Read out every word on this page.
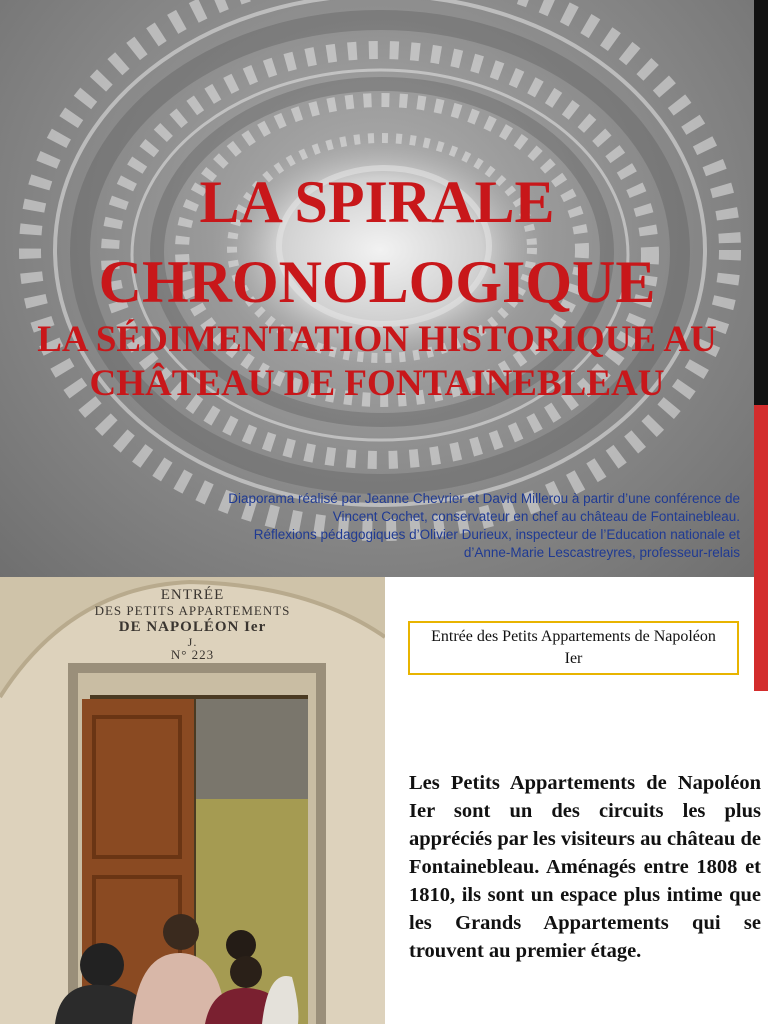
LA SPIRALE
CHRONOLOGIQUE
LA SÉDIMENTATION HISTORIQUE AU
CHÂTEAU DE FONTAINEBLEAU
Diaporama réalisé par Jeanne Chevrier et David Millerou à partir d’une conférence de
Vincent Cochet, conservateur en chef au château de Fontainebleau.
Réflexions pédagogiques d’Olivier Durieux, inspecteur de l’Education nationale et
d’Anne-Marie Lescastreyres, professeur-relais
ENTRÉE
DES PETITS APPARTEMENTS
DE NAPOLÉON Ier
J.
N° 223
Entrée des Petits Appartements de Napoléon Ier

Les Petits Appartements de Napoléon Ier sont un des circuits les plus appréciés par les visiteurs au château de Fontainebleau. Aménagés entre 1808 et 1810, ils sont un espace plus intime que les Grands Appartements qui se trouvent au premier étage.
